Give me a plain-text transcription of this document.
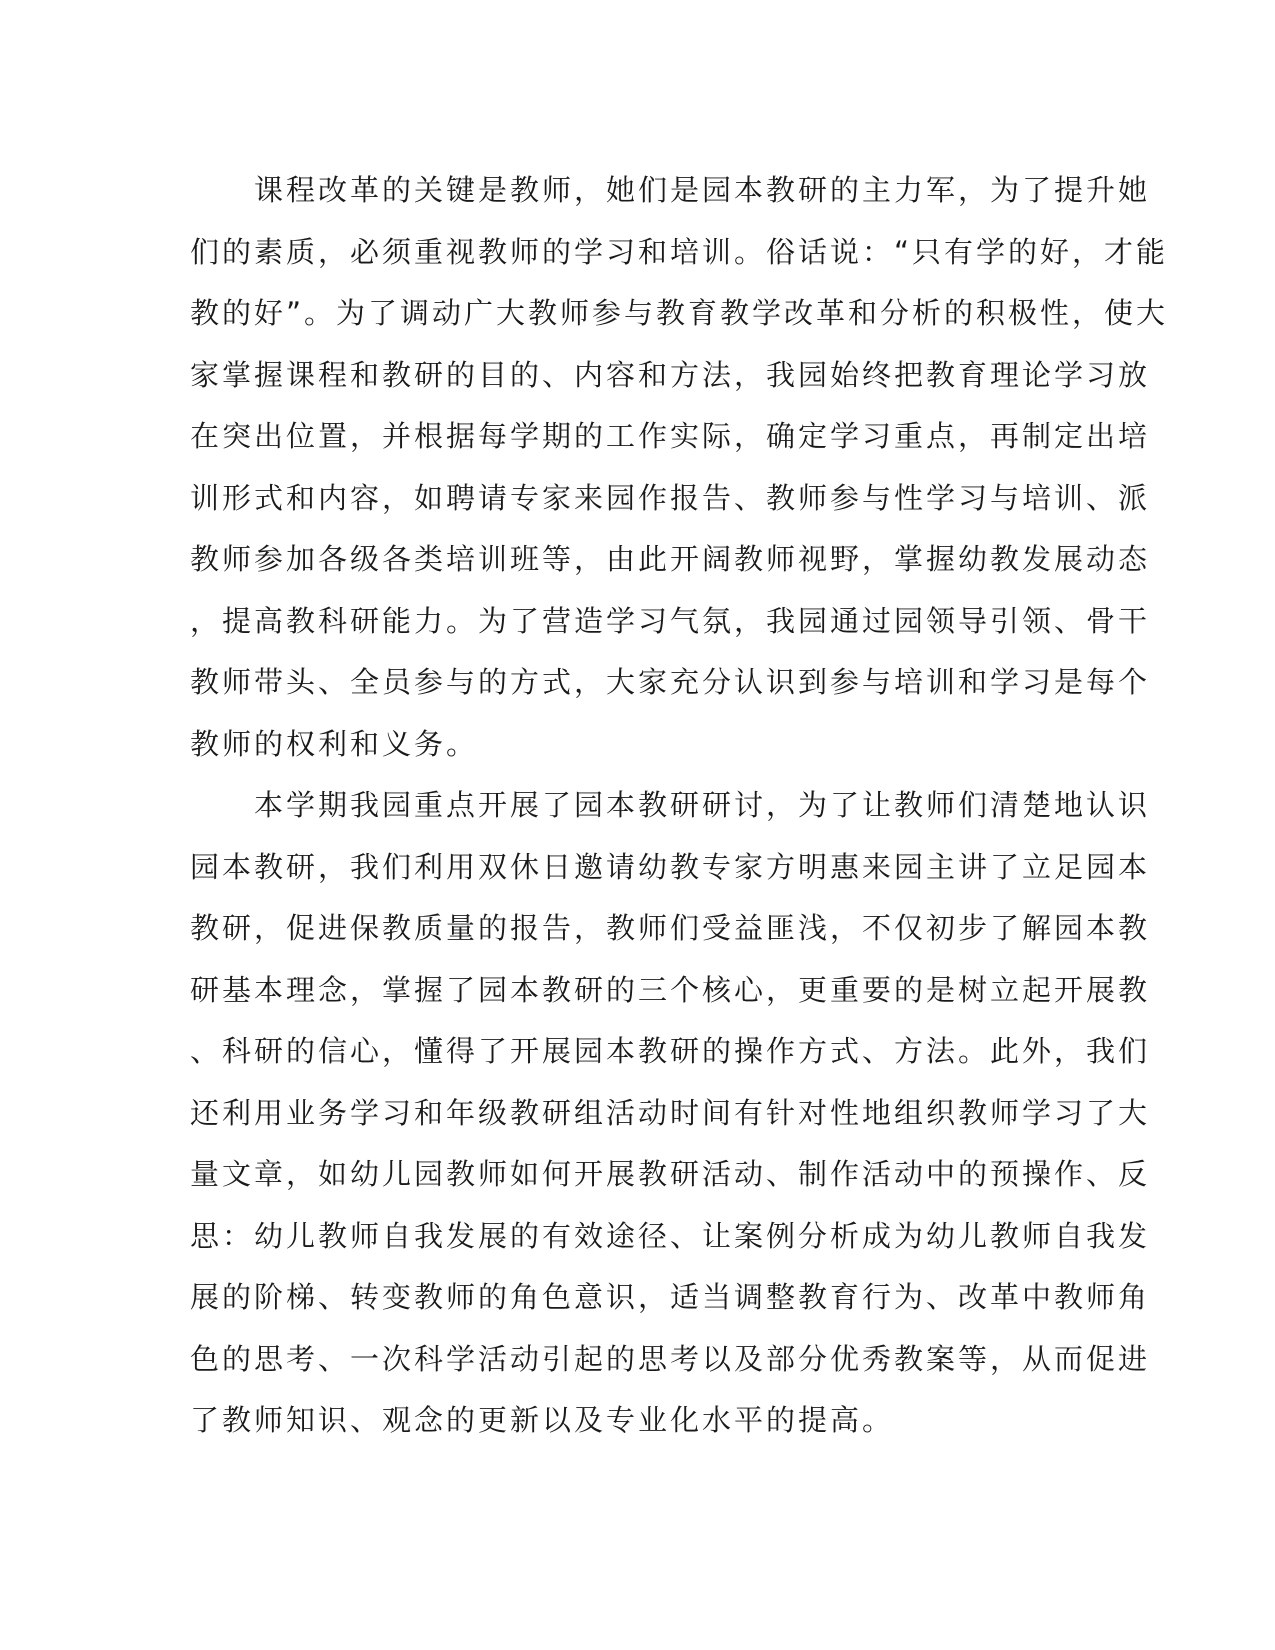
　　课程改革的关键是教师，她们是园本教研的主力军，为了提升她
们的素质，必须重视教师的学习和培训。俗话说：“只有学的好，才能
教的好”。为了调动广大教师参与教育教学改革和分析的积极性，使大
家掌握课程和教研的目的、内容和方法，我园始终把教育理论学习放
在突出位置，并根据每学期的工作实际，确定学习重点，再制定出培
训形式和内容，如聘请专家来园作报告、教师参与性学习与培训、派
教师参加各级各类培训班等，由此开阔教师视野，掌握幼教发展动态
，提高教科研能力。为了营造学习气氛，我园通过园领导引领、骨干
教师带头、全员参与的方式，大家充分认识到参与培训和学习是每个
教师的权利和义务。
　　本学期我园重点开展了园本教研研讨，为了让教师们清楚地认识
园本教研，我们利用双休日邀请幼教专家方明惠来园主讲了立足园本
教研，促进保教质量的报告，教师们受益匪浅，不仅初步了解园本教
研基本理念，掌握了园本教研的三个核心，更重要的是树立起开展教
、科研的信心，懂得了开展园本教研的操作方式、方法。此外，我们
还利用业务学习和年级教研组活动时间有针对性地组织教师学习了大
量文章，如幼儿园教师如何开展教研活动、制作活动中的预操作、反
思：幼儿教师自我发展的有效途径、让案例分析成为幼儿教师自我发
展的阶梯、转变教师的角色意识，适当调整教育行为、改革中教师角
色的思考、一次科学活动引起的思考以及部分优秀教案等，从而促进
了教师知识、观念的更新以及专业化水平的提高。
